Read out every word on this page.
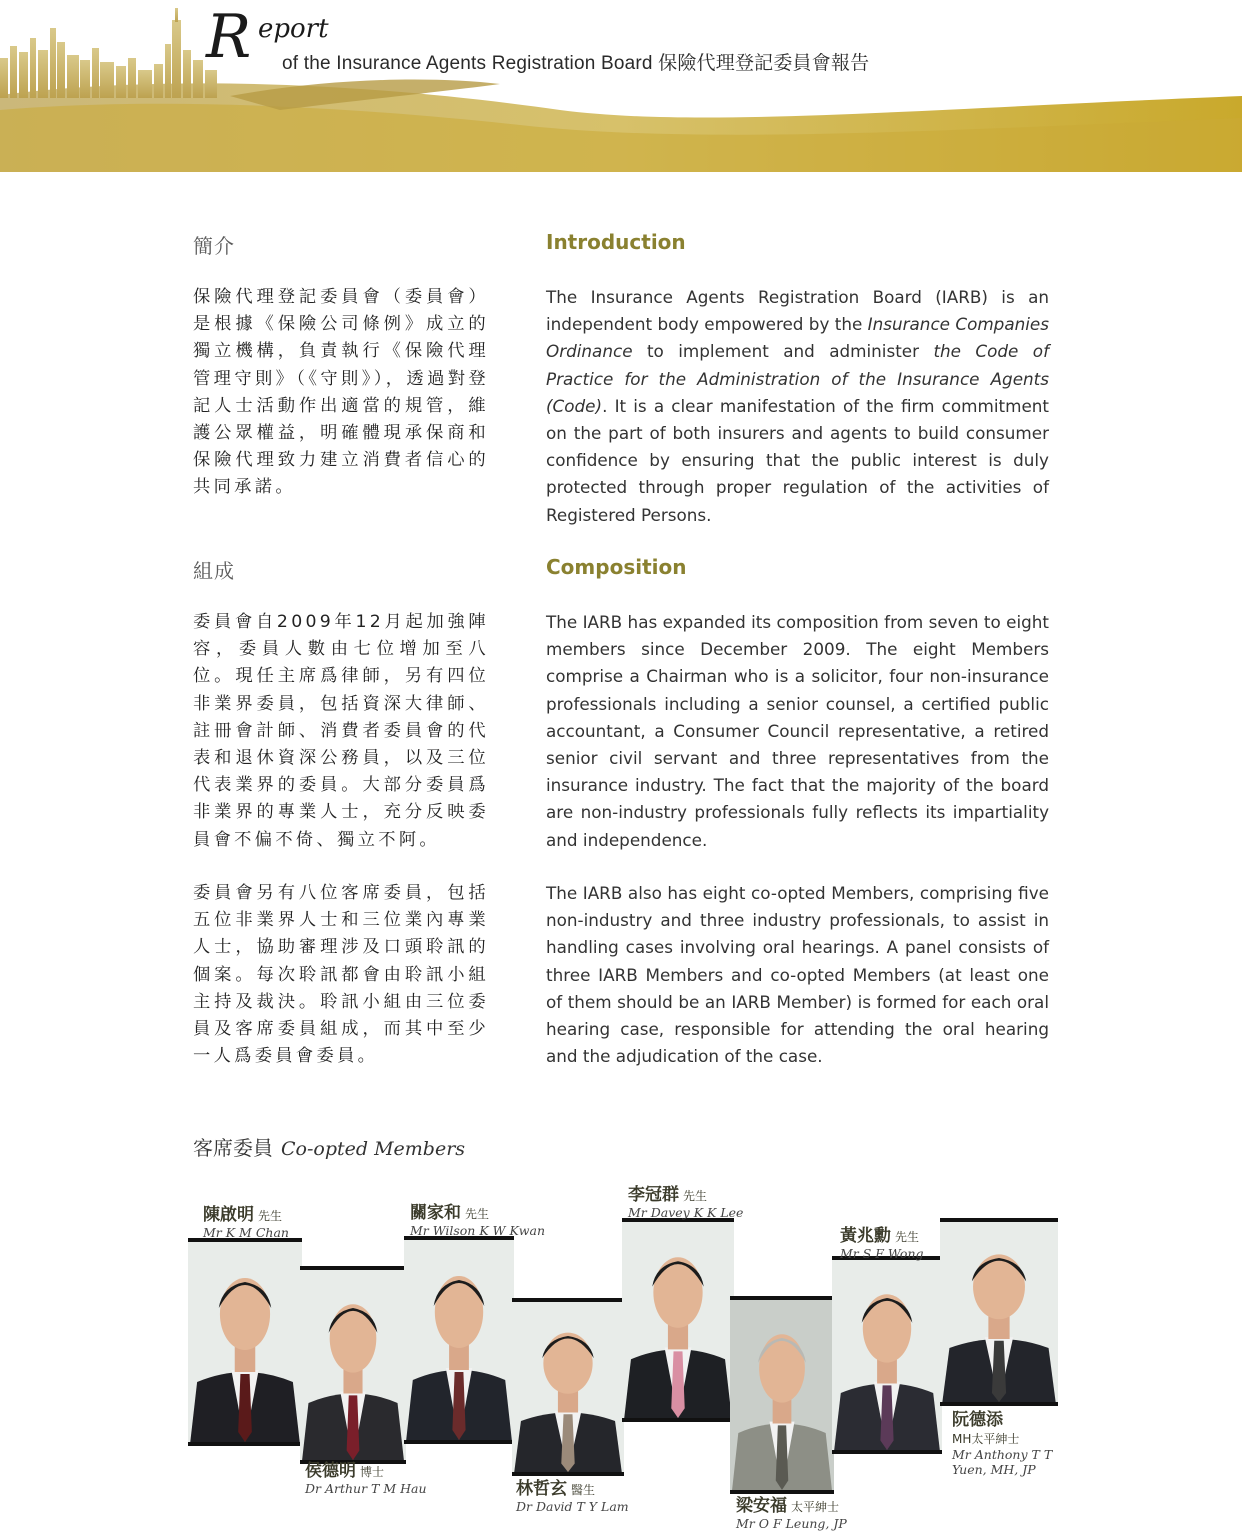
R eport
of the Insurance Agents Registration Board 保險代理登記委員會報告
簡介	Introduction

保險代理登記委員會（委員會）是根據《保險公司條例》成立的獨立機構，負責執行《保險代理管理守則》（《守則》），透過對登記人士活動作出適當的規管，維護公眾權益，明確體現承保商和保險代理致力建立消費者信心的共同承諾。

The Insurance Agents Registration Board (IARB) is an independent body empowered by the Insurance Companies Ordinance to implement and administer the Code of Practice for the Administration of the Insurance Agents (Code). It is a clear manifestation of the firm commitment on the part of both insurers and agents to build consumer confidence by ensuring that the public interest is duly protected through proper regulation of the activities of Registered Persons.

組成	Composition

委員會自2009年12月起加強陣容，委員人數由七位增加至八位。現任主席爲律師，另有四位非業界委員，包括資深大律師、註冊會計師、消費者委員會的代表和退休資深公務員，以及三位代表業界的委員。大部分委員爲非業界的專業人士，充分反映委員會不偏不倚、獨立不阿。

The IARB has expanded its composition from seven to eight members since December 2009. The eight Members comprise a Chairman who is a solicitor, four non-insurance professionals including a senior counsel, a certified public accountant, a Consumer Council representative, a retired senior civil servant and three representatives from the insurance industry. The fact that the majority of the board are non-industry professionals fully reflects its impartiality and independence.

委員會另有八位客席委員，包括五位非業界人士和三位業內專業人士，協助審理涉及口頭聆訊的個案。每次聆訊都會由聆訊小組主持及裁決。聆訊小組由三位委員及客席委員組成，而其中至少一人爲委員會委員。

The IARB also has eight co-opted Members, comprising five non-industry and three industry professionals, to assist in handling cases involving oral hearings. A panel consists of three IARB Members and co-opted Members (at least one of them should be an IARB Member) is formed for each oral hearing case, responsible for attending the oral hearing and the adjudication of the case.

客席委員 Co-opted Members
陳啟明 先生
Mr K M Chan
關家和 先生
Mr Wilson K W Kwan
李冠群 先生
Mr Davey K K Lee
黃兆勳 先生
Mr S F Wong
侯德明 博士
Dr Arthur T M Hau	林哲玄 醫生
Dr David T Y Lam	梁安福 太平紳士
Mr O F Leung, JP
阮德添
MH太平紳士
Mr Anthony T T
Yuen, MH, JP
